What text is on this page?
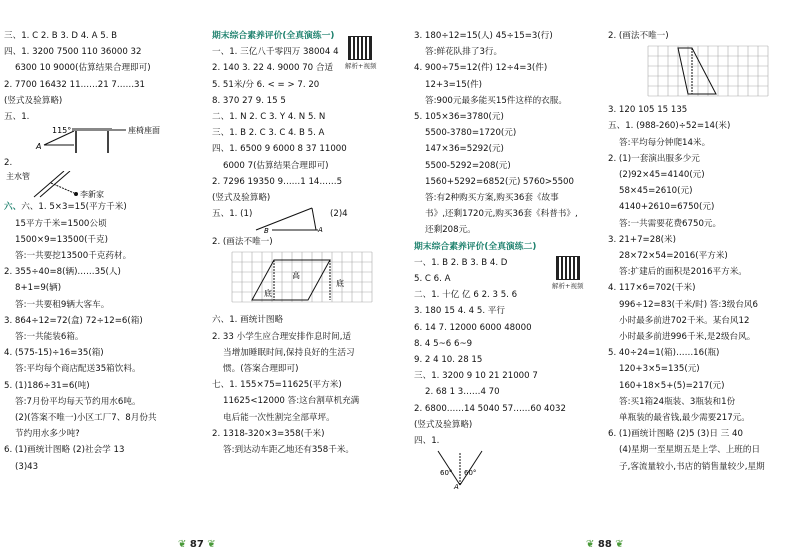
三、1. C 2. B 3. D 4. A 5. B
四、1. 3200 7500 110 36000 32
6300 10 9000(估算结果合理即可)
2. 7700 16432 11……21 7……31
(竖式及验算略)
五、1.
115°	座椅座面
A
2.
主水管
李新家
六、六、1. 5×3=15(平方千米)
15平方千米=1500公顷
1500×9=13500(千克)
答:一共要挖13500千克药材。
2. 355÷40=8(辆)……35(人)
8+1=9(辆)
答:一共要租9辆大客车。
3. 864÷12=72(盒) 72÷12=6(箱)
答:一共能装6箱。
4. (575-15)÷16=35(箱)
答:平均每个商店配送35箱饮料。
5. (1)186÷31=6(吨)
答:7月份平均每天节约用水6吨。
(2)(答案不唯一)小区工厂7、8月份共
节约用水多少吨?
6. (1)画统计图略 (2)社会学 13
(3)43
期末综合素养评价(全真演练一)
一、1. 三亿八千零四万 38004 4
2. 140 3. 22 4. 9000 70 合适
5. 51米/分 6. < = > 7. 20
8. 370 27 9. 15 5
二、1. N 2. C 3. Y 4. N 5. N
三、1. B 2. C 3. C 4. B 5. A
四、1. 6500 9 6000 8 37 11000
6000 7(估算结果合理即可)
2. 7296 19350 9……1 14……5
(竖式及验算略)
五、1. (1)	(2)4
A
B
2. (画法不唯一)
高
底
底
六、1. 画统计图略
2. 33 小学生应合理安排作息时间,适
当增加睡眠时间,保持良好的生活习
惯。(答案合理即可)
七、1. 155×75=11625(平方米)
11625<12000 答:这台割草机充满
电后能一次性割完全部草坪。
2. 1318-320×3=358(千米)
答:到达动车距乙地还有358千米。
解析+视频
❦ 87 ❦
3. 180÷12=15(人) 45÷15=3(行)
答:鲜花队排了3行。
4. 900÷75=12(件) 12÷4=3(件)
12+3=15(件)
答:900元最多能买15件这样的衣服。
5. 105×36=3780(元)
5500-3780=1720(元)
147×36=5292(元)
5500-5292=208(元)
1560+5292=6852(元) 5760>5500
答:有2种购买方案,购买36套《故事
书》,还剩1720元,购买36套《科普书》,
还剩208元。
期末综合素养评价(全真演练二)
一、1. B 2. B 3. B 4. D
5. C 6. A
二、1. 十亿 亿 6 2. 3 5. 6
3. 180 15 4. 4 5. 平行
6. 14 7. 12000 6000 48000
8. 4 5~6 6~9
9. 2 4 10. 28 15
三、1. 3200 9 10 21 21000 7
2. 68 1 3……4 70
2. 6800……14 5040 57……60 4032
(竖式及验算略)
四、1.
60° 60°
A
解析+视频
2. (画法不唯一)
3. 120 105 15 135
五、1. (988-260)÷52=14(米)
答:平均每分钟爬14米。
2. (1)一套演出服多少元
(2)92×45=4140(元)
58×45=2610(元)
4140+2610=6750(元)
答:一共需要花费6750元。
3. 21+7=28(米)
28×72×54=2016(平方米)
答:扩建后的面积是2016平方米。
4. 117×6=702(千米)
996÷12=83(千米/时) 答:3级台风6
小时最多前进702千米。某台风12
小时最多前进996千米,是2级台风。
5. 40÷24=1(箱)……16(瓶)
120+3×5=135(元)
160+18×5+(5)=217(元)
答:买1箱24瓶装、3瓶装和1份
单瓶装的最省钱,最少需要217元。
6. (1)画统计图略 (2)5 (3)日 三 40
(4)星期一至星期五是上学、上班的日
子,客流量较小,书店的销售量较少,星期
❦ 88 ❦
